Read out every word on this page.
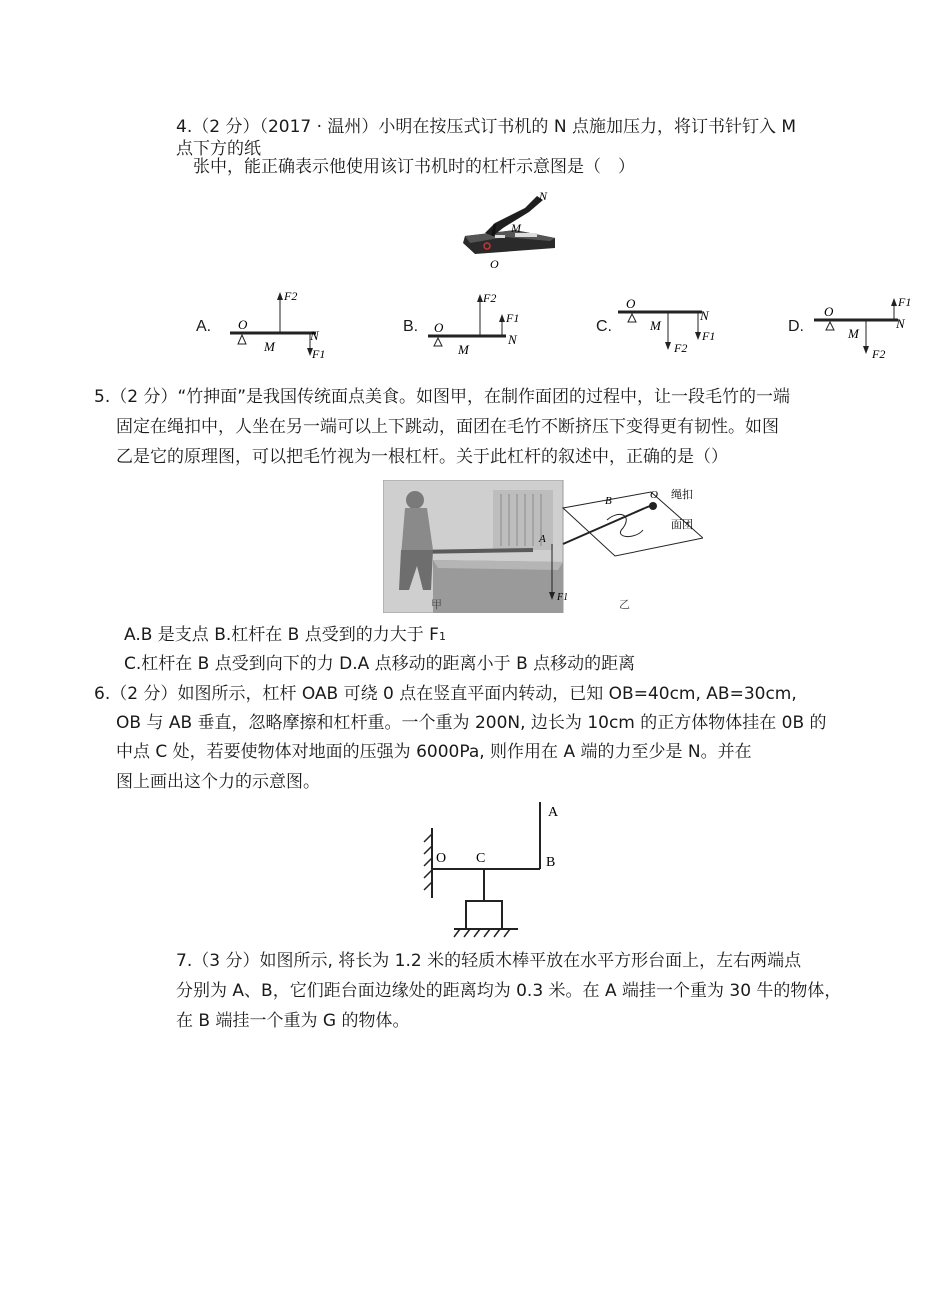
4.（2 分）（2017 · 温州）小明在按压式订书机的 N 点施加压力，将订书针钉入 M
点下方的纸
张中，能正确表示他使用该订书机时的杠杆示意图是（　）
N
M
O
A.
F2
F1
O
M
N
B.
F2
F1
O
M
N
C.
F2
F1
O
M
N
D.
F2
F1
O
M
N
5.（2 分）“竹抻面”是我国传统面点美食。如图甲，在制作面团的过程中，让一段毛竹的一端
固定在绳扣中，人坐在另一端可以上下跳动，面团在毛竹不断挤压下变得更有韧性。如图
乙是它的原理图，可以把毛竹视为一根杠杆。关于此杠杆的叙述中，正确的是（）
甲
A
B	O
F1
绳扣
面团
乙
A.B 是支点 B.杠杆在 B 点受到的力大于 F1
C.杠杆在 B 点受到向下的力 D.A 点移动的距离小于 B 点移动的距离
6.（2 分）如图所示，杠杆 OAB 可绕 0 点在竖直平面内转动，已知 OB=40cm, AB=30cm,
OB 与 AB 垂直，忽略摩擦和杠杆重。一个重为 200N, 边长为 10cm 的正方体物体挂在 0B 的
中点 C 处，若要使物体对地面的压强为 6000Pa, 则作用在 A 端的力至少是 N。并在
图上画出这个力的示意图。
O C	B
A
7.（3 分）如图所示, 将长为 1.2 米的轻质木棒平放在水平方形台面上，左右两端点
分别为 A、B，它们距台面边缘处的距离均为 0.3 米。在 A 端挂一个重为 30 牛的物体，
在 B 端挂一个重为 G 的物体。
